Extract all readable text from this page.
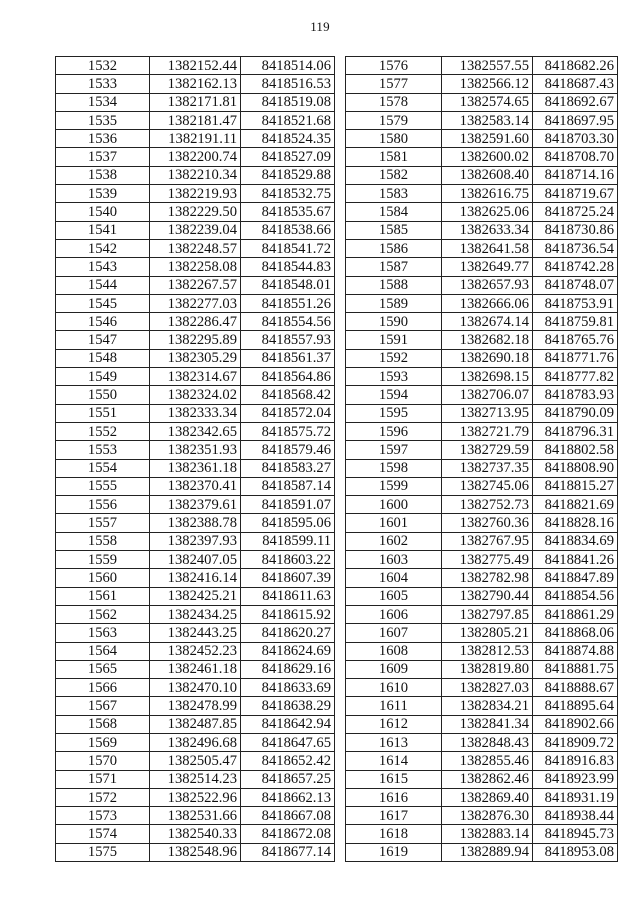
119
1532	1382152.44	8418514.06
1533	1382162.13	8418516.53
1534	1382171.81	8418519.08
1535	1382181.47	8418521.68
1536	1382191.11	8418524.35
1537	1382200.74	8418527.09
1538	1382210.34	8418529.88
1539	1382219.93	8418532.75
1540	1382229.50	8418535.67
1541	1382239.04	8418538.66
1542	1382248.57	8418541.72
1543	1382258.08	8418544.83
1544	1382267.57	8418548.01
1545	1382277.03	8418551.26
1546	1382286.47	8418554.56
1547	1382295.89	8418557.93
1548	1382305.29	8418561.37
1549	1382314.67	8418564.86
1550	1382324.02	8418568.42
1551	1382333.34	8418572.04
1552	1382342.65	8418575.72
1553	1382351.93	8418579.46
1554	1382361.18	8418583.27
1555	1382370.41	8418587.14
1556	1382379.61	8418591.07
1557	1382388.78	8418595.06
1558	1382397.93	8418599.11
1559	1382407.05	8418603.22
1560	1382416.14	8418607.39
1561	1382425.21	8418611.63
1562	1382434.25	8418615.92
1563	1382443.25	8418620.27
1564	1382452.23	8418624.69
1565	1382461.18	8418629.16
1566	1382470.10	8418633.69
1567	1382478.99	8418638.29
1568	1382487.85	8418642.94
1569	1382496.68	8418647.65
1570	1382505.47	8418652.42
1571	1382514.23	8418657.25
1572	1382522.96	8418662.13
1573	1382531.66	8418667.08
1574	1382540.33	8418672.08
1575	1382548.96	8418677.14
1576	1382557.55	8418682.26
1577	1382566.12	8418687.43
1578	1382574.65	8418692.67
1579	1382583.14	8418697.95
1580	1382591.60	8418703.30
1581	1382600.02	8418708.70
1582	1382608.40	8418714.16
1583	1382616.75	8418719.67
1584	1382625.06	8418725.24
1585	1382633.34	8418730.86
1586	1382641.58	8418736.54
1587	1382649.77	8418742.28
1588	1382657.93	8418748.07
1589	1382666.06	8418753.91
1590	1382674.14	8418759.81
1591	1382682.18	8418765.76
1592	1382690.18	8418771.76
1593	1382698.15	8418777.82
1594	1382706.07	8418783.93
1595	1382713.95	8418790.09
1596	1382721.79	8418796.31
1597	1382729.59	8418802.58
1598	1382737.35	8418808.90
1599	1382745.06	8418815.27
1600	1382752.73	8418821.69
1601	1382760.36	8418828.16
1602	1382767.95	8418834.69
1603	1382775.49	8418841.26
1604	1382782.98	8418847.89
1605	1382790.44	8418854.56
1606	1382797.85	8418861.29
1607	1382805.21	8418868.06
1608	1382812.53	8418874.88
1609	1382819.80	8418881.75
1610	1382827.03	8418888.67
1611	1382834.21	8418895.64
1612	1382841.34	8418902.66
1613	1382848.43	8418909.72
1614	1382855.46	8418916.83
1615	1382862.46	8418923.99
1616	1382869.40	8418931.19
1617	1382876.30	8418938.44
1618	1382883.14	8418945.73
1619	1382889.94	8418953.08
